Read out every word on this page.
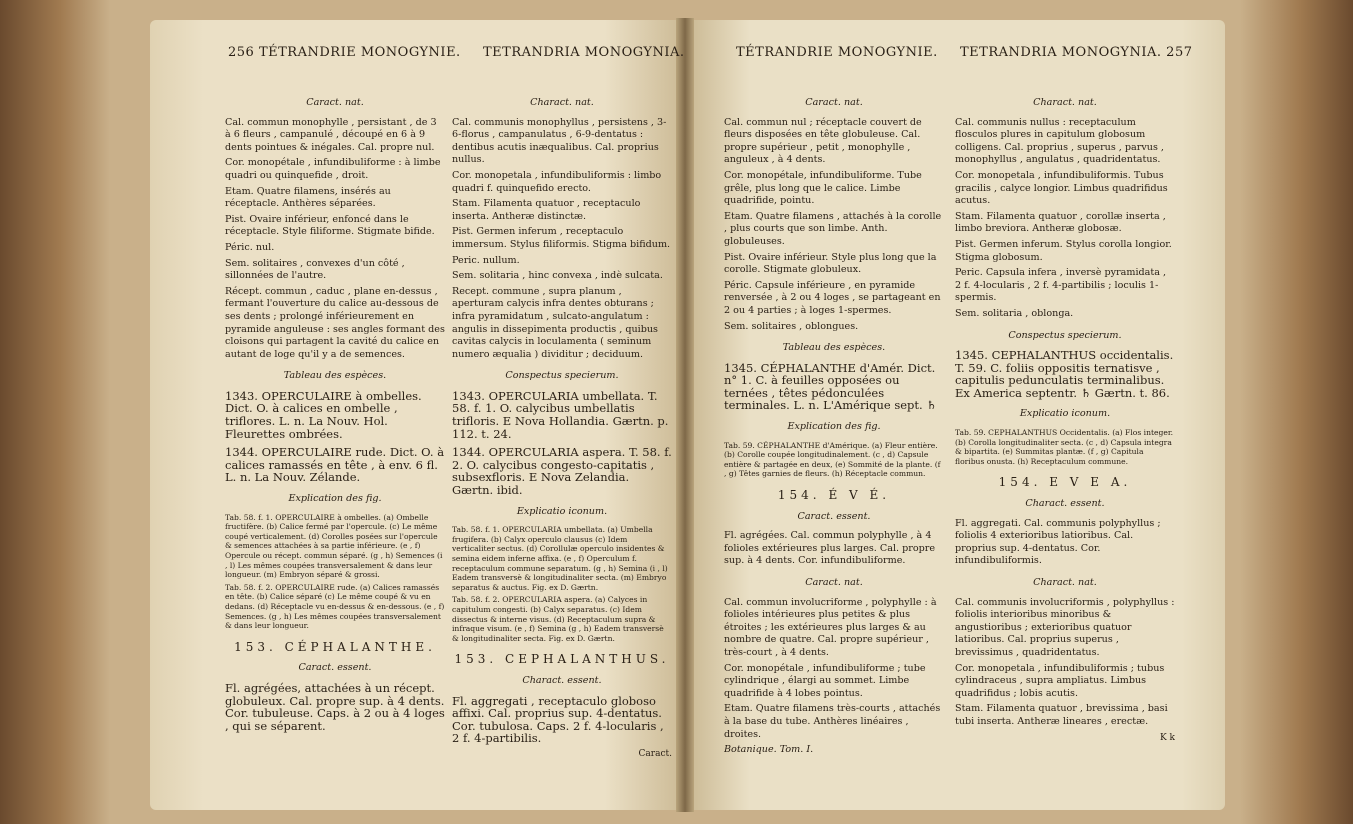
256 TÉTRANDRIE MONOGYNIE. TETRANDRIA MONOGYNIA.

Caract. nat.

Cal. commun monophylle , persistant , de 3 à 6 fleurs , campanulé , découpé en 6 à 9 dents pointues & inégales. Cal. propre nul.

Cor. monopétale , infundibuliforme : à limbe quadri ou quinquefide , droit.

Etam. Quatre filamens, insérés au réceptacle. Anthères séparées.

Pist. Ovaire inférieur, enfoncé dans le réceptacle. Style filiforme. Stigmate bifide.

Péric. nul.

Sem. solitaires , convexes d'un côté , sillonnées de l'autre.

Récept. commun , caduc , plane en-dessus , fermant l'ouverture du calice au-dessous de ses dents ; prolongé inférieurement en pyramide anguleuse : ses angles formant des cloisons qui partagent la cavité du calice en autant de loge qu'il y a de semences.

Tableau des espèces.

1343. OPERCULAIRE à ombelles. Dict. O. à calices en ombelle , triflores. L. n. La Nouv. Hol. Fleurettes ombrées.

1344. OPERCULAIRE rude. Dict. O. à calices ramassés en tête , à env. 6 fl. L. n. La Nouv. Zélande.

Explication des fig.

Tab. 58. f. 1. OPERCULAIRE à ombelles. (a) Ombelle fructifère. (b) Calice fermé par l'opercule. (c) Le même coupé verticalement. (d) Corolles posées sur l'opercule & semences attachées à sa partie inférieure. (e , f) Opercule ou récept. commun séparé. (g , h) Semences (i , l) Les mêmes coupées transversalement & dans leur longueur. (m) Embryon séparé & grossi.

Tab. 58. f. 2. OPERCULAIRE rude. (a) Calices ramassés en tête. (b) Calice séparé (c) Le même coupé & vu en dedans. (d) Réceptacle vu en-dessus & en-dessous. (e , f) Semences. (g , h) Les mêmes coupées transversalement & dans leur longueur.

153. CÉPHALANTHE.

Caract. essent.

Fl. agrégées, attachées à un récept. globuleux. Cal. propre sup. à 4 dents. Cor. tubuleuse. Caps. à 2 ou à 4 loges , qui se séparent.

Charact. nat.

Cal. communis monophyllus , persistens , 3-6-florus , campanulatus , 6-9-dentatus : dentibus acutis inæqualibus. Cal. proprius nullus.

Cor. monopetala , infundibuliformis : limbo quadri f. quinquefido erecto.

Stam. Filamenta quatuor , receptaculo inserta. Antheræ distinctæ.

Pist. Germen inferum , receptaculo immersum. Stylus filiformis. Stigma bifidum.

Peric. nullum.

Sem. solitaria , hinc convexa , indè sulcata.

Recept. commune , supra planum , aperturam calycis infra dentes obturans ; infra pyramidatum , sulcato-angulatum : angulis in dissepimenta productis , quibus cavitas calycis in loculamenta ( seminum numero æqualia ) dividitur ; deciduum.

Conspectus specierum.

1343. OPERCULARIA umbellata. T. 58. f. 1. O. calycibus umbellatis trifloris. E Nova Hollandia. Gærtn. p. 112. t. 24.

1344. OPERCULARIA aspera. T. 58. f. 2. O. calycibus congesto-capitatis , subsexfloris. E Nova Zelandia. Gærtn. ibid.

Explicatio iconum.

Tab. 58. f. 1. OPERCULARIA umbellata. (a) Umbella frugifera. (b) Calyx operculo clausus (c) Idem verticaliter sectus. (d) Corollulæ operculo insidentes & semina eidem inferne affixa. (e , f) Operculum f. receptaculum commune separatum. (g , h) Semina (i , l) Eadem transversè & longitudinaliter secta. (m) Embryo separatus & auctus. Fig. ex D. Gærtn.

Tab. 58. f. 2. OPERCULARIA aspera. (a) Calyces in capitulum congesti. (b) Calyx separatus. (c) Idem dissectus & interne visus. (d) Receptaculum supra & infraque visum. (e , f) Semina (g , h) Eadem transversè & longitudinaliter secta. Fig. ex D. Gærtn.

153. CEPHALANTHUS.

Charact. essent.

Fl. aggregati , receptaculo globoso affixi. Cal. proprius sup. 4-dentatus. Cor. tubulosa. Caps. 2 f. 4-locularis , 2 f. 4-partibilis.

Caract.

TÉTRANDRIE MONOGYNIE. TETRANDRIA MONOGYNIA. 257

Caract. nat.

Cal. commun nul ; réceptacle couvert de fleurs disposées en tête globuleuse. Cal. propre supérieur , petit , monophylle , anguleux , à 4 dents.

Cor. monopétale, infundibuliforme. Tube grêle, plus long que le calice. Limbe quadrifide, pointu.

Etam. Quatre filamens , attachés à la corolle , plus courts que son limbe. Anth. globuleuses.

Pist. Ovaire inférieur. Style plus long que la corolle. Stigmate globuleux.

Péric. Capsule inférieure , en pyramide renversée , à 2 ou 4 loges , se partageant en 2 ou 4 parties ; à loges 1-spermes.

Sem. solitaires , oblongues.

Tableau des espèces.

1345. CÉPHALANTHE d'Amér. Dict. n° 1. C. à feuilles opposées ou ternées , têtes pédonculées terminales. L. n. L'Amérique sept. ♄

Explication des fig.

Tab. 59. CÉPHALANTHE d'Amérique. (a) Fleur entière. (b) Corolle coupée longitudinalement. (c , d) Capsule entière & partagée en deux, (e) Sommité de la plante. (f , g) Têtes garnies de fleurs. (h) Réceptacle commun.

154. É V É.

Caract. essent.

Fl. agrégées. Cal. commun polyphylle , à 4 folioles extérieures plus larges. Cal. propre sup. à 4 dents. Cor. infundibuliforme.

Caract. nat.

Cal. commun involucriforme , polyphylle : à folioles intérieures plus petites & plus étroites ; les extérieures plus larges & au nombre de quatre. Cal. propre supérieur , très-court , à 4 dents.

Cor. monopétale , infundibuliforme ; tube cylindrique , élargi au sommet. Limbe quadrifide à 4 lobes pointus.

Etam. Quatre filamens très-courts , attachés à la base du tube. Anthères linéaires , droites.

Botanique. Tom. I.

Charact. nat.

Cal. communis nullus : receptaculum flosculos plures in capitulum globosum colligens. Cal. proprius , superus , parvus , monophyllus , angulatus , quadridentatus.

Cor. monopetala , infundibuliformis. Tubus gracilis , calyce longior. Limbus quadrifidus acutus.

Stam. Filamenta quatuor , corollæ inserta , limbo breviora. Antheræ globosæ.

Pist. Germen inferum. Stylus corolla longior. Stigma globosum.

Peric. Capsula infera , inversè pyramidata , 2 f. 4-locularis , 2 f. 4-partibilis ; loculis 1-spermis.

Sem. solitaria , oblonga.

Conspectus specierum.

1345. CEPHALANTHUS occidentalis. T. 59. C. foliis oppositis ternatisve , capitulis pedunculatis terminalibus. Ex America septentr. ♄ Gærtn. t. 86.

Explicatio iconum.

Tab. 59. CEPHALANTHUS Occidentalis. (a) Flos integer. (b) Corolla longitudinaliter secta. (c , d) Capsula integra & bipartita. (e) Summitas plantæ. (f , g) Capitula floribus onusta. (h) Receptaculum commune.

154. E V E A.

Charact. essent.

Fl. aggregati. Cal. communis polyphyllus ; foliolis 4 exterioribus latioribus. Cal. proprius sup. 4-dentatus. Cor. infundibuliformis.

Charact. nat.

Cal. communis involucriformis , polyphyllus : foliolis interioribus minoribus & angustioribus ; exterioribus quatuor latioribus. Cal. proprius superus , brevissimus , quadridentatus.

Cor. monopetala , infundibuliformis ; tubus cylindraceus , supra ampliatus. Limbus quadrifidus ; lobis acutis.

Stam. Filamenta quatuor , brevissima , basi tubi inserta. Antheræ lineares , erectæ.

K k
